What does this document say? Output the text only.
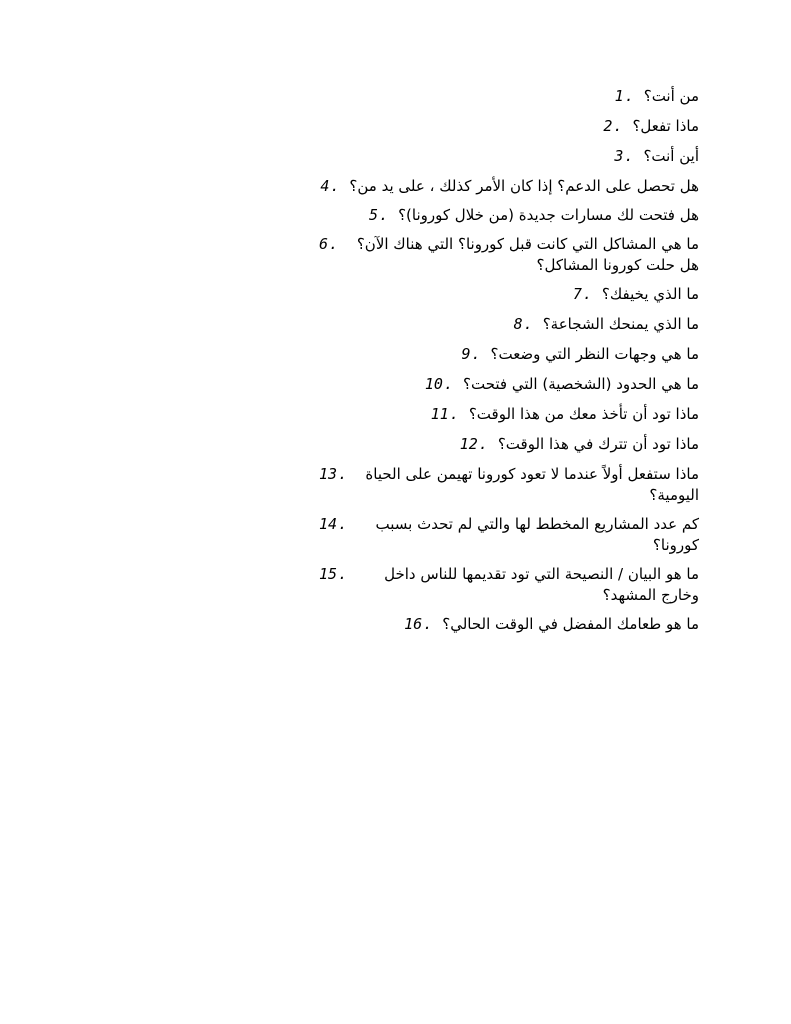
من أنت؟
1.
ماذا تفعل؟
2.
أين أنت؟
3.
هل تحصل على الدعم؟ إذا كان الأمر كذلك ، على يد من؟
4.
هل فتحت لك مسارات جديدة (من خلال كورونا)؟
5.
ما هي المشاكل التي كانت قبل كورونا؟ التي هناك الآن؟ هل حلت كورونا المشاكل؟
6.
ما الذي يخيفك؟
7.
ما الذي يمنحك الشجاعة؟
8.
ما هي وجهات النظر التي وضعت؟
9.
ما هي الحدود (الشخصية) التي فتحت؟
10.
ماذا تود أن تأخذ معك من هذا الوقت؟
11.
ماذا تود أن تترك في هذا الوقت؟
12.
ماذا ستفعل أولاً عندما لا تعود كورونا تهيمن على الحياة اليومية؟
13.
كم عدد المشاريع المخطط لها والتي لم تحدث بسبب كورونا؟
14.
ما هو البيان / النصيحة التي تود تقديمها للناس داخل وخارج المشهد؟
15.
ما هو طعامك المفضل في الوقت الحالي؟
16.
